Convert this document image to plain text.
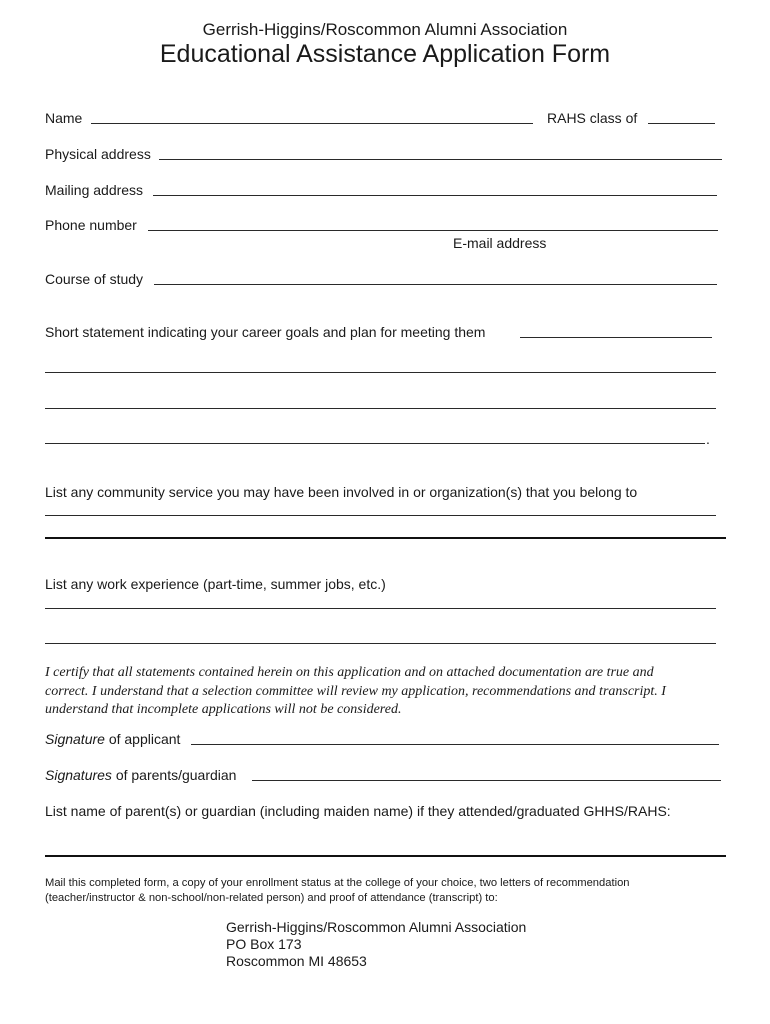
Gerrish-Higgins/Roscommon Alumni Association
Educational Assistance Application Form
Name	RAHS class of
Physical address
Mailing address
Phone number
E-mail address
Course of study
Short statement indicating your career goals and plan for meeting them
.
List any community service you may have been involved in or organization(s) that you belong to
List any work experience (part-time, summer jobs, etc.)
I certify that all statements contained herein on this application and on attached documentation are true and
correct. I understand that a selection committee will review my application, recommendations and transcript. I
understand that incomplete applications will not be considered.
Signature of applicant
Signatures of parents/guardian
List name of parent(s) or guardian (including maiden name) if they attended/graduated GHHS/RAHS:
Mail this completed form, a copy of your enrollment status at the college of your choice, two letters of recommendation
(teacher/instructor & non-school/non-related person) and proof of attendance (transcript) to:
Gerrish-Higgins/Roscommon Alumni Association
PO Box 173
Roscommon MI 48653
